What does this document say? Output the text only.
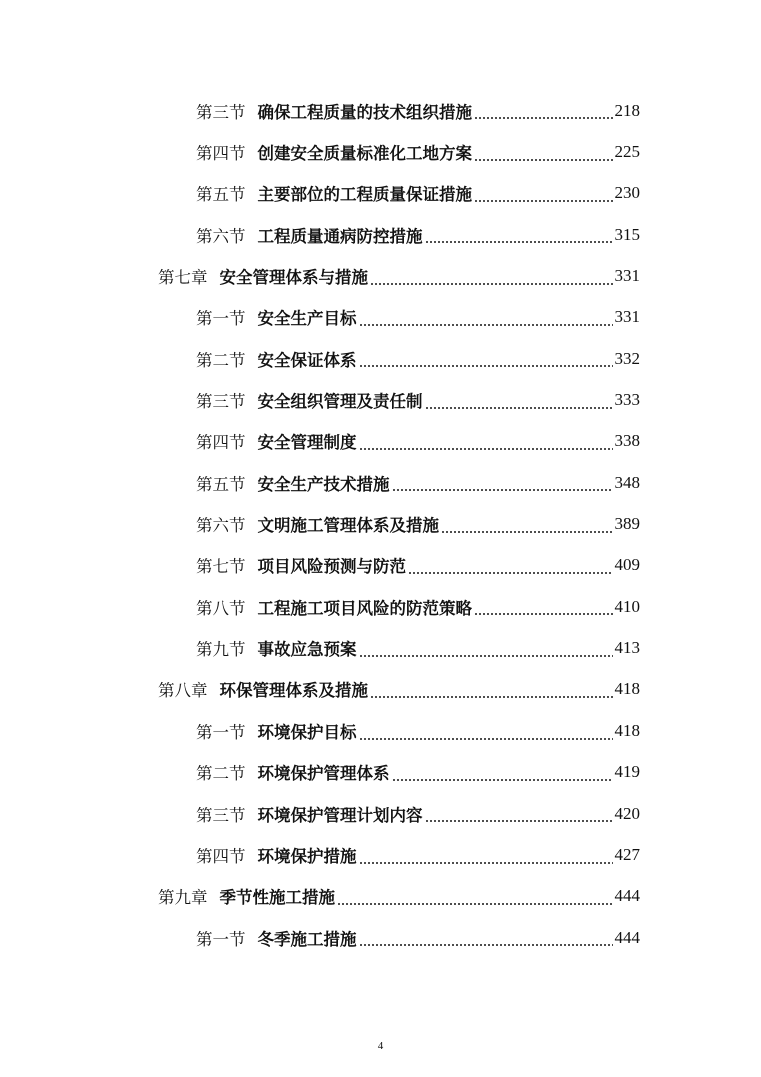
第三节 确保工程质量的技术组织措施	218
第四节 创建安全质量标准化工地方案	225
第五节 主要部位的工程质量保证措施	230
第六节 工程质量通病防控措施	315
第七章 安全管理体系与措施	331
第一节 安全生产目标	331
第二节 安全保证体系	332
第三节 安全组织管理及责任制	333
第四节 安全管理制度	338
第五节 安全生产技术措施	348
第六节 文明施工管理体系及措施	389
第七节 项目风险预测与防范	409
第八节 工程施工项目风险的防范策略	410
第九节 事故应急预案	413
第八章 环保管理体系及措施	418
第一节 环境保护目标	418
第二节 环境保护管理体系	419
第三节 环境保护管理计划内容	420
第四节 环境保护措施	427
第九章 季节性施工措施	444
第一节 冬季施工措施	444
4
